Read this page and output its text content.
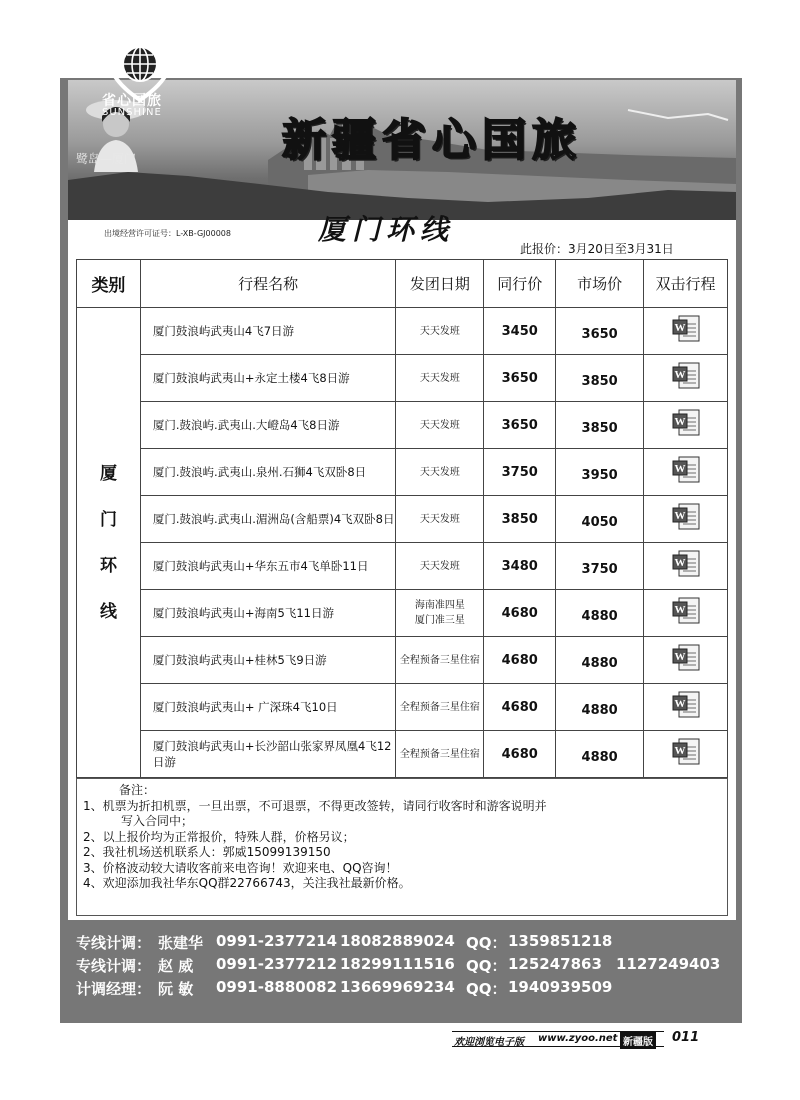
省心国旅
SUNSHINE
鹭岛—厦门	新疆省心国旅
厦门环线
出境经营许可证号：L-XB-GJ00008
此报价：3月20日至3月31日
类别	行程名称	发团日期	同行价	市场价	双击行程

厦
门
环
线	厦门鼓浪屿武夷山4飞7日游	天天发班	3450	3650	W

	厦门鼓浪屿武夷山+永定土楼4飞8日游	天天发班	3650	3850	W

	厦门.鼓浪屿.武夷山.大嶝岛4飞8日游	天天发班	3650	3850	W

	厦门.鼓浪屿.武夷山.泉州.石狮4飞双卧8日	天天发班	3750	3950	W

	厦门.鼓浪屿.武夷山.湄洲岛(含船票)4飞双卧8日	天天发班	3850	4050	W

	厦门鼓浪屿武夷山+华东五市4飞单卧11日	天天发班	3480	3750	W

	厦门鼓浪屿武夷山+海南5飞11日游	海南准四星
厦门准三星	4680	4880	W

	厦门鼓浪屿武夷山+桂林5飞9日游	全程预备三星住宿	4680	4880	W

	厦门鼓浪屿武夷山+ 广深珠4飞10日	全程预备三星住宿	4680	4880	W

	厦门鼓浪屿武夷山+长沙韶山张家界凤凰4飞12日游	全程预备三星住宿	4680	4880	W
备注：
1、机票为折扣机票，一旦出票，不可退票，不得更改签转，请同行收客时和游客说明并
写入合同中；
2、以上报价均为正常报价，特殊人群，价格另议；
2、我社机场送机联系人：郭威15099139150
3、价格波动较大请收客前来电咨询！欢迎来电、QQ咨询！
4、欢迎添加我社华东QQ群22766743，关注我社最新价格。
专线计调： 张建华 0991-2377214 18082889024 QQ： 1359851218
专线计调： 赵 威 0991-2377212 18299111516 QQ： 125247863 1127249403
计调经理： 阮 敏 0991-8880082 13669969234 QQ： 1940939509
欢迎浏览电子版 www.zyoo.net 新疆版 011
